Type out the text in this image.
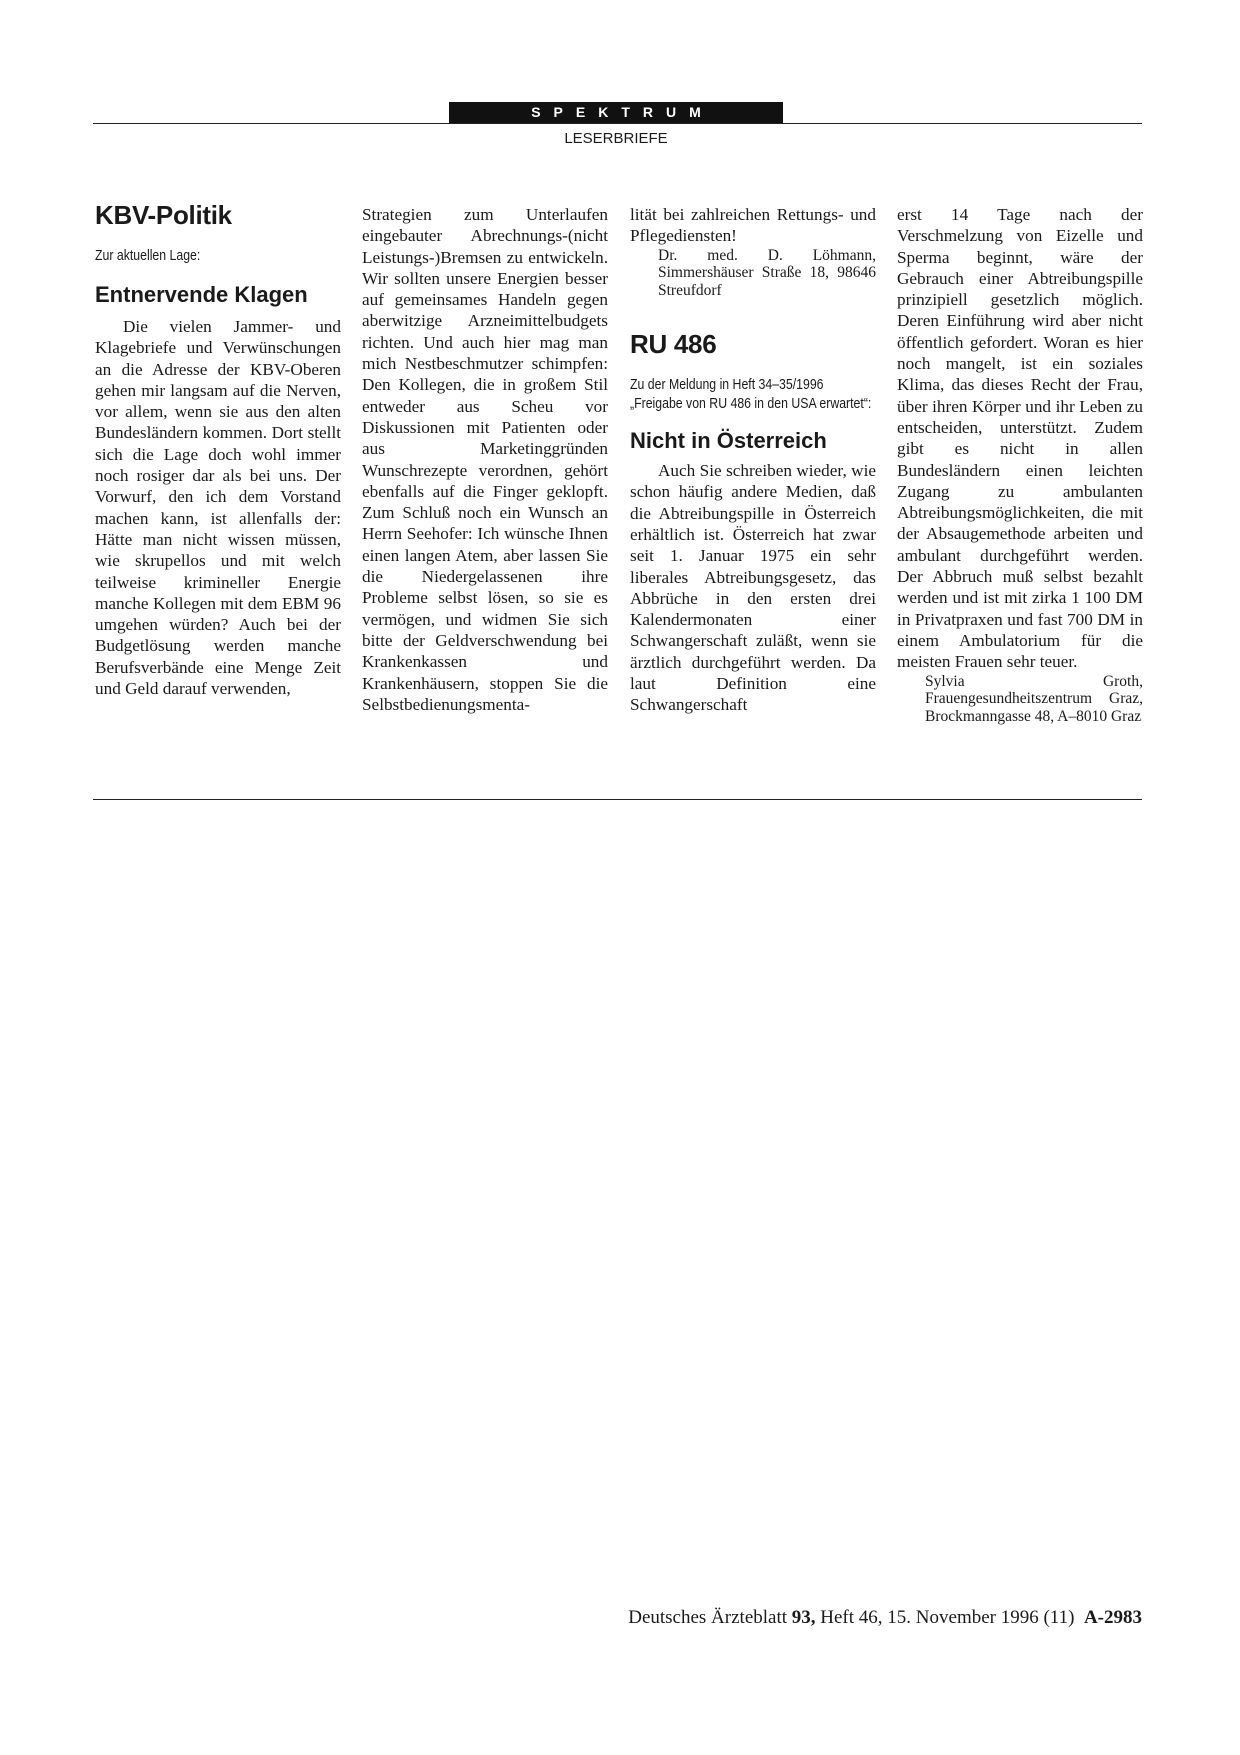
SPEKTRUM
LESERBRIEFE
KBV-Politik
Zur aktuellen Lage:
Entnervende Klagen

Die vielen Jammer- und Klagebriefe und Verwünschungen an die Adresse der KBV-Oberen gehen mir langsam auf die Nerven, vor allem, wenn sie aus den alten Bundesländern kommen. Dort stellt sich die Lage doch wohl immer noch rosiger dar als bei uns. Der Vorwurf, den ich dem Vorstand machen kann, ist allenfalls der: Hätte man nicht wissen müssen, wie skrupellos und mit welch teilweise krimineller Energie manche Kollegen mit dem EBM 96 umgehen würden? Auch bei der Budgetlösung werden manche Berufsverbände eine Menge Zeit und Geld darauf verwenden,

Strategien zum Unterlaufen eingebauter Abrechnungs-(nicht Leistungs-)Bremsen zu entwickeln. Wir sollten unsere Energien besser auf gemeinsames Handeln gegen aberwitzige Arzneimittelbudgets richten. Und auch hier mag man mich Nestbeschmutzer schimpfen: Den Kollegen, die in großem Stil entweder aus Scheu vor Diskussionen mit Patienten oder aus Marketinggründen Wunschrezepte verordnen, gehört ebenfalls auf die Finger geklopft. Zum Schluß noch ein Wunsch an Herrn Seehofer: Ich wünsche Ihnen einen langen Atem, aber lassen Sie die Niedergelassenen ihre Probleme selbst lösen, so sie es vermögen, und widmen Sie sich bitte der Geldverschwendung bei Krankenkassen und Krankenhäusern, stoppen Sie die Selbstbedienungsmenta-

lität bei zahlreichen Rettungs- und Pflegediensten!

Dr. med. D. Löhmann, Simmershäuser Straße 18, 98646 Streufdorf

RU 486
Zu der Meldung in Heft 34–35/1996 „Freigabe von RU 486 in den USA erwartet“:
Nicht in Österreich

Auch Sie schreiben wieder, wie schon häufig andere Medien, daß die Abtreibungspille in Österreich erhältlich ist. Österreich hat zwar seit 1. Januar 1975 ein sehr liberales Abtreibungsgesetz, das Abbrüche in den ersten drei Kalendermonaten einer Schwangerschaft zuläßt, wenn sie ärztlich durchgeführt werden. Da laut Definition eine Schwangerschaft

erst 14 Tage nach der Verschmelzung von Eizelle und Sperma beginnt, wäre der Gebrauch einer Abtreibungspille prinzipiell gesetzlich möglich. Deren Einführung wird aber nicht öffentlich gefordert. Woran es hier noch mangelt, ist ein soziales Klima, das dieses Recht der Frau, über ihren Körper und ihr Leben zu entscheiden, unterstützt. Zudem gibt es nicht in allen Bundesländern einen leichten Zugang zu ambulanten Abtreibungsmöglichkeiten, die mit der Absaugemethode arbeiten und ambulant durchgeführt werden. Der Abbruch muß selbst bezahlt werden und ist mit zirka 1 100 DM in Privatpraxen und fast 700 DM in einem Ambulatorium für die meisten Frauen sehr teuer.

Sylvia Groth, Frauengesundheitszentrum Graz, Brockmanngasse 48, A–8010 Graz

Deutsches Ärzteblatt 93, Heft 46, 15. November 1996 (11) A-2983
